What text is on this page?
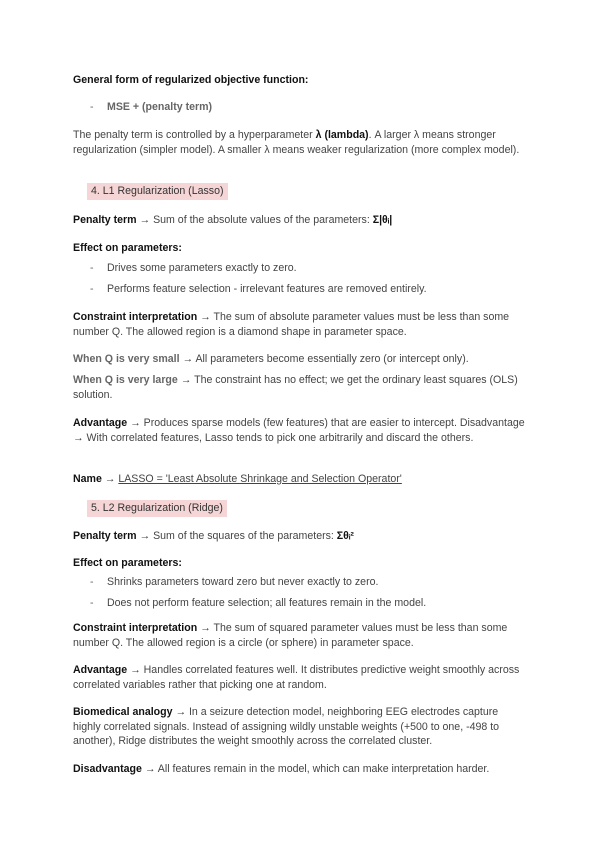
General form of regularized objective function:

- MSE + (penalty term)

The penalty term is controlled by a hyperparameter λ (lambda). A larger λ means stronger regularization (simpler model). A smaller λ means weaker regularization (more complex model).

4. L1 Regularization (Lasso)

Penalty term → Sum of the absolute values of the parameters: Σ|θᵢ|

Effect on parameters:

- Drives some parameters exactly to zero.
- Performs feature selection - irrelevant features are removed entirely.

Constraint interpretation → The sum of absolute parameter values must be less than some number Q. The allowed region is a diamond shape in parameter space.

When Q is very small → All parameters become essentially zero (or intercept only).

When Q is very large → The constraint has no effect; we get the ordinary least squares (OLS) solution.

Advantage → Produces sparse models (few features) that are easier to intercept. Disadvantage → With correlated features, Lasso tends to pick one arbitrarily and discard the others.

Name → LASSO = 'Least Absolute Shrinkage and Selection Operator'

5. L2 Regularization (Ridge)

Penalty term → Sum of the squares of the parameters: Σθᵢ²

Effect on parameters:

- Shrinks parameters toward zero but never exactly to zero.
- Does not perform feature selection; all features remain in the model.

Constraint interpretation → The sum of squared parameter values must be less than some number Q. The allowed region is a circle (or sphere) in parameter space.

Advantage → Handles correlated features well. It distributes predictive weight smoothly across correlated variables rather that picking one at random.

Biomedical analogy → In a seizure detection model, neighboring EEG electrodes capture highly correlated signals. Instead of assigning wildly unstable weights (+500 to one, -498 to another), Ridge distributes the weight smoothly across the correlated cluster.

Disadvantage → All features remain in the model, which can make interpretation harder.
